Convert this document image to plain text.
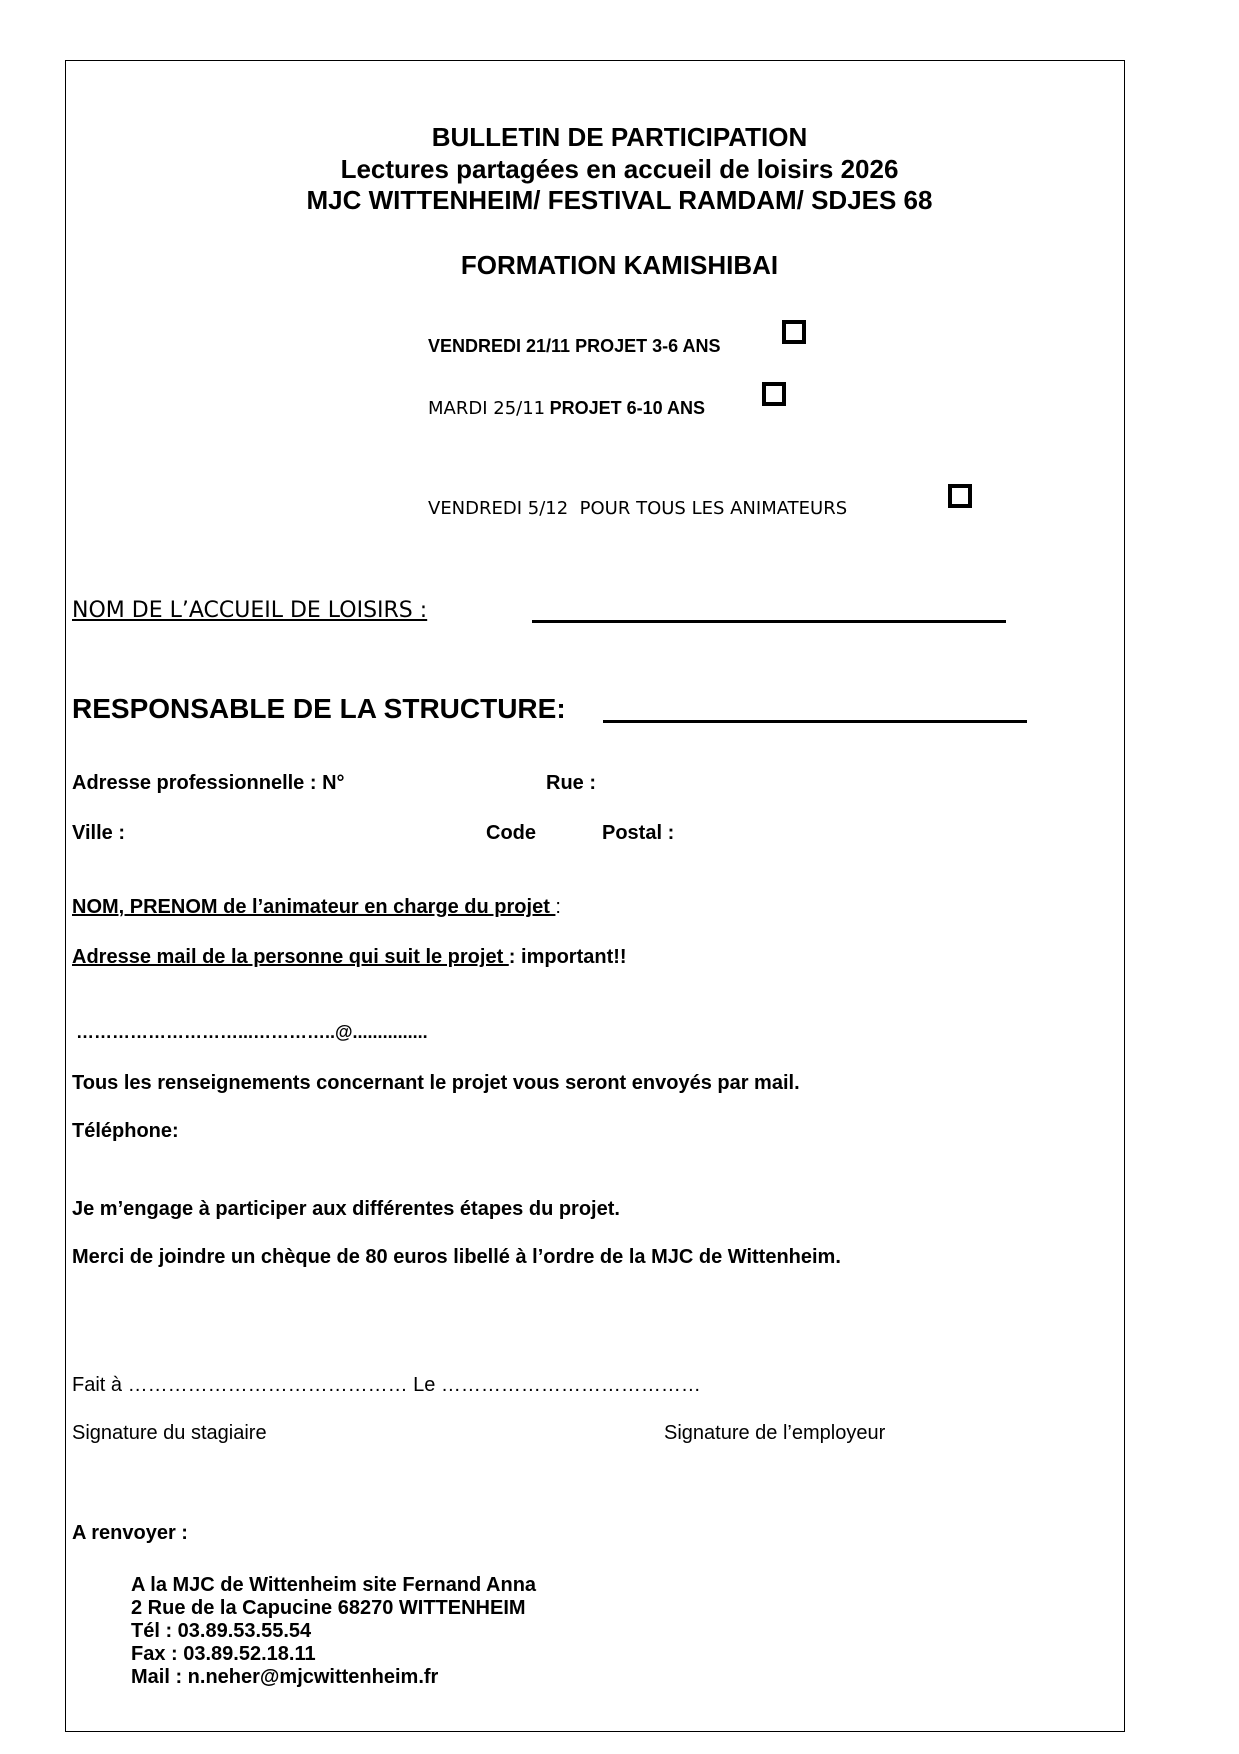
BULLETIN DE PARTICIPATION
Lectures partagées en accueil de loisirs 2026
MJC WITTENHEIM/ FESTIVAL RAMDAM/ SDJES 68
FORMATION KAMISHIBAI
VENDREDI 21/11 PROJET 3-6 ANS
MARDI 25/11 PROJET 6-10 ANS
VENDREDI 5/12 POUR TOUS LES ANIMATEURS
NOM DE L’ACCUEIL DE LOISIRS :
RESPONSABLE DE LA STRUCTURE:
Adresse professionnelle : N°	Rue :
Ville :	Code	Postal :
NOM, PRENOM de l’animateur en charge du projet :
Adresse mail de la personne qui suit le projet : important!!
………………………...…………..@...............
Tous les renseignements concernant le projet vous seront envoyés par mail.
Téléphone:
Je m’engage à participer aux différentes étapes du projet.
Merci de joindre un chèque de 80 euros libellé à l’ordre de la MJC de Wittenheim.
Fait à …………………………………… Le …………………………………
Signature du stagiaire	Signature de l’employeur
A renvoyer :
A la MJC de Wittenheim site Fernand Anna
2 Rue de la Capucine 68270 WITTENHEIM
Tél : 03.89.53.55.54
Fax : 03.89.52.18.11
Mail : n.neher@mjcwittenheim.fr
